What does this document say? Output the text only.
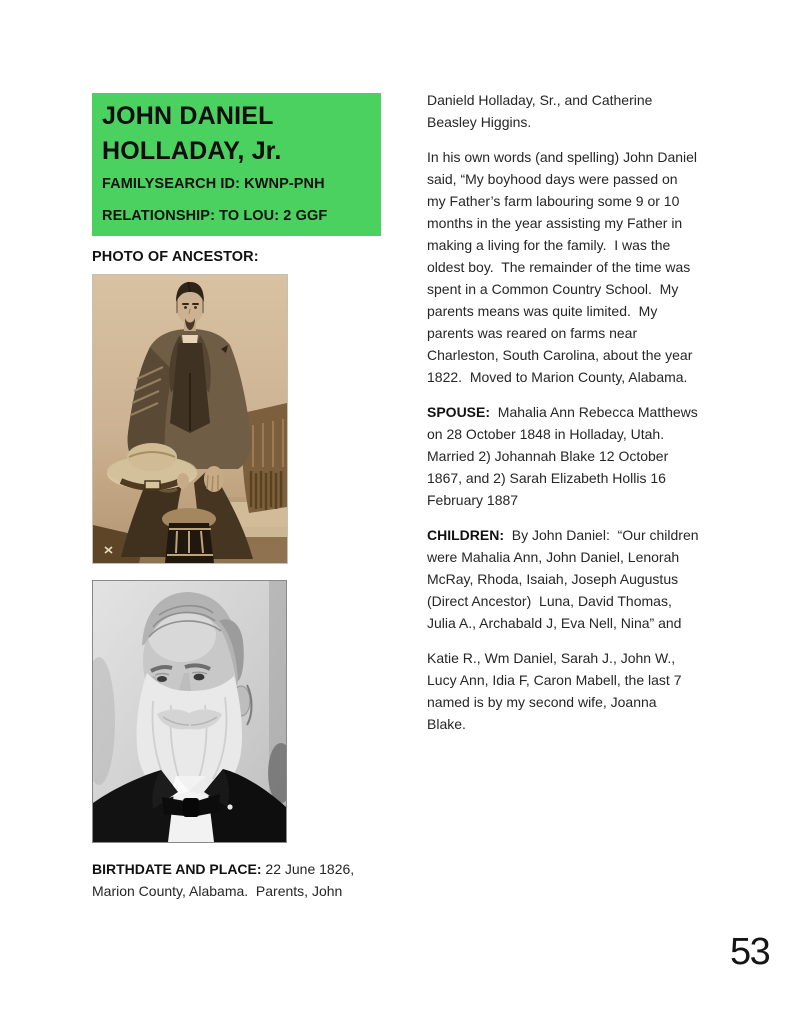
JOHN DANIEL
HOLLADAY, Jr.
FAMILYSEARCH ID: KWNP-PNH
RELATIONSHIP: TO LOU: 2 GGF
PHOTO OF ANCESTOR:
BIRTHDATE AND PLACE: 22 June 1826,
Marion County, Alabama.  Parents, John
Danield Holladay, Sr., and Catherine
Beasley Higgins.
In his own words (and spelling) John Daniel
said, “My boyhood days were passed on
my Father’s farm labouring some 9 or 10
months in the year assisting my Father in
making a living for the family.  I was the
oldest boy.  The remainder of the time was
spent in a Common Country School.  My
parents means was quite limited.  My
parents was reared on farms near
Charleston, South Carolina, about the year
1822.  Moved to Marion County, Alabama.
SPOUSE:  Mahalia Ann Rebecca Matthews
on 28 October 1848 in Holladay, Utah.
Married 2) Johannah Blake 12 October
1867, and 2) Sarah Elizabeth Hollis 16
February 1887
CHILDREN:  By John Daniel:  “Our children
were Mahalia Ann, John Daniel, Lenorah
McRay, Rhoda, Isaiah, Joseph Augustus
(Direct Ancestor)  Luna, David Thomas,
Julia A., Archabald J, Eva Nell, Nina” and
Katie R., Wm Daniel, Sarah J., John W.,
Lucy Ann, Idia F, Caron Mabell, the last 7
named is by my second wife, Joanna
Blake.
53
